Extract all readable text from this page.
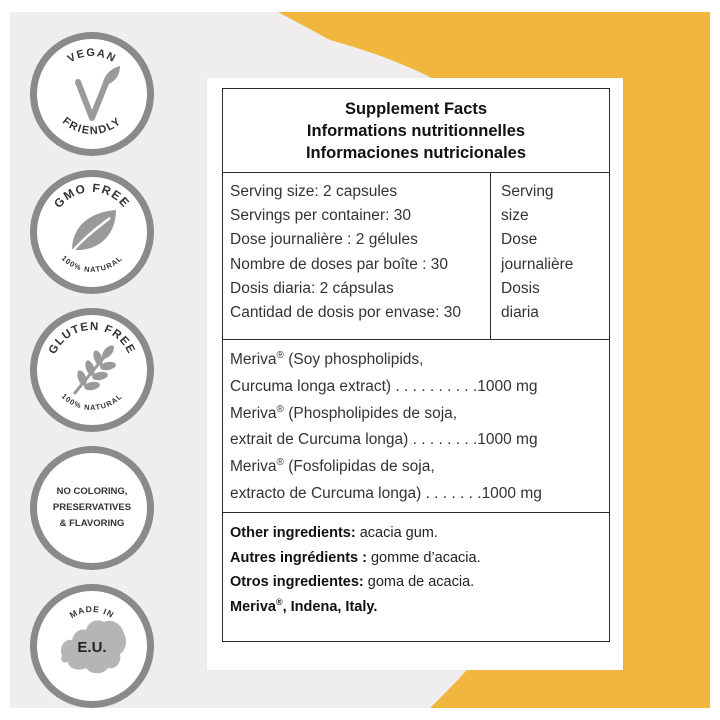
VEGAN
FRIENDLY
GMO FREE
100% NATURAL
GLUTEN FREE
100% NATURAL
NO COLORING,
PRESERVATIVES
& FLAVORING
MADE IN
E.U.
Supplement Facts
Informations nutritionnelles
Informaciones nutricionales
Serving size: 2 capsules
Servings per container: 30
Dose journalière : 2 gélules
Nombre de doses par boîte : 30
Dosis diaria: 2 cápsulas
Cantidad de dosis por envase: 30
Serving
size
Dose
journalière
Dosis
diaria
Meriva® (Soy phospholipids,
Curcuma longa extract) . . . . . . . . . .1000 mg
Meriva® (Phospholipides de soja,
extrait de Curcuma longa) . . . . . . . .1000 mg
Meriva® (Fosfolipidas de soja,
extracto de Curcuma longa) . . . . . . .1000 mg
Other ingredients: acacia gum.
Autres ingrédients : gomme d’acacia.
Otros ingredientes: goma de acacia.
Meriva®, Indena, Italy.
